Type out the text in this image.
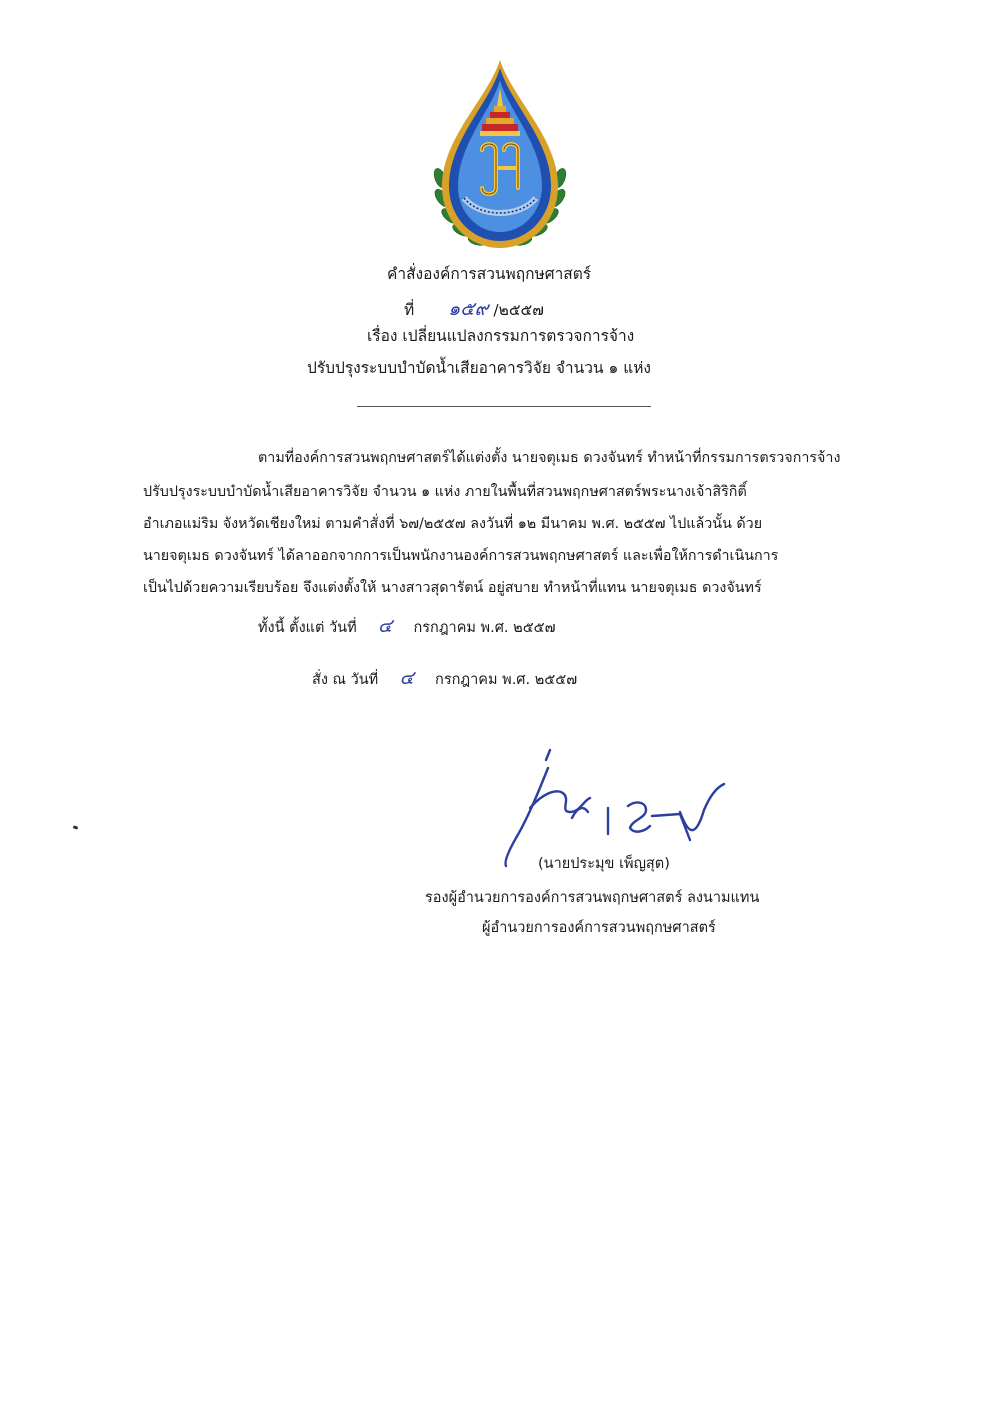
คำสั่งองค์การสวนพฤกษศาสตร์
ที่ ๑๕๙ /๒๕๕๗
เรื่อง เปลี่ยนแปลงกรรมการตรวจการจ้าง
ปรับปรุงระบบบำบัดน้ำเสียอาคารวิจัย จำนวน ๑ แห่ง
ตามที่องค์การสวนพฤกษศาสตร์ได้แต่งตั้ง นายจตุเมธ ดวงจันทร์ ทำหน้าที่กรรมการตรวจการจ้าง
ปรับปรุงระบบบำบัดน้ำเสียอาคารวิจัย จำนวน ๑ แห่ง ภายในพื้นที่สวนพฤกษศาสตร์พระนางเจ้าสิริกิติ์
อำเภอแม่ริม จังหวัดเชียงใหม่ ตามคำสั่งที่ ๖๗/๒๕๕๗ ลงวันที่ ๑๒ มีนาคม พ.ศ. ๒๕๕๗ ไปแล้วนั้น ด้วย
นายจตุเมธ ดวงจันทร์ ได้ลาออกจากการเป็นพนักงานองค์การสวนพฤกษศาสตร์ และเพื่อให้การดำเนินการ
เป็นไปด้วยความเรียบร้อย จึงแต่งตั้งให้ นางสาวสุดารัตน์ อยู่สบาย ทำหน้าที่แทน นายจตุเมธ ดวงจันทร์
ทั้งนี้ ตั้งแต่ วันที่ ๔ กรกฎาคม พ.ศ. ๒๕๕๗
สั่ง ณ วันที่ ๔ กรกฎาคม พ.ศ. ๒๕๕๗
(นายประมุข เพ็ญสุต)
รองผู้อำนวยการองค์การสวนพฤกษศาสตร์ ลงนามแทน
ผู้อำนวยการองค์การสวนพฤกษศาสตร์
